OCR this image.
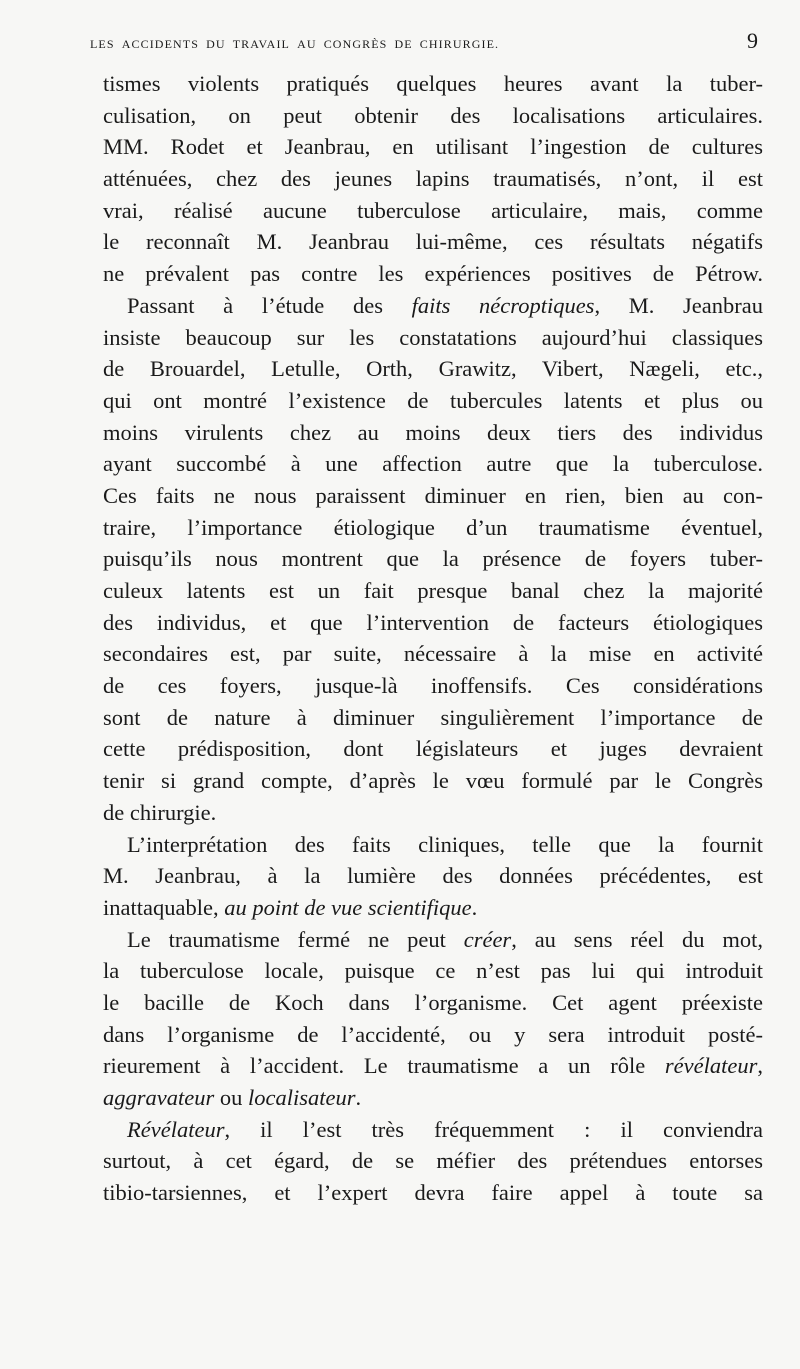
les accidents du travail au congrès de chirurgie.	9
tismes violents pratiqués quelques heures avant la tuber-
culisation, on peut obtenir des localisations articulaires.
MM. Rodet et Jeanbrau, en utilisant l’ingestion de cultures
atténuées, chez des jeunes lapins traumatisés, n’ont, il est
vrai, réalisé aucune tuberculose articulaire, mais, comme
le reconnaît M. Jeanbrau lui-même, ces résultats négatifs
ne prévalent pas contre les expériences positives de Pétrow.
Passant à l’étude des faits nécroptiques, M. Jeanbrau
insiste beaucoup sur les constatations aujourd’hui classiques
de Brouardel, Letulle, Orth, Grawitz, Vibert, Nægeli, etc.,
qui ont montré l’existence de tubercules latents et plus ou
moins virulents chez au moins deux tiers des individus
ayant succombé à une affection autre que la tuberculose.
Ces faits ne nous paraissent diminuer en rien, bien au con-
traire, l’importance étiologique d’un traumatisme éventuel,
puisqu’ils nous montrent que la présence de foyers tuber-
culeux latents est un fait presque banal chez la majorité
des individus, et que l’intervention de facteurs étiologiques
secondaires est, par suite, nécessaire à la mise en activité
de ces foyers, jusque-là inoffensifs. Ces considérations
sont de nature à diminuer singulièrement l’importance de
cette prédisposition, dont législateurs et juges devraient
tenir si grand compte, d’après le vœu formulé par le Congrès
de chirurgie.
L’interprétation des faits cliniques, telle que la fournit
M. Jeanbrau, à la lumière des données précédentes, est
inattaquable, au point de vue scientifique.
Le traumatisme fermé ne peut créer, au sens réel du mot,
la tuberculose locale, puisque ce n’est pas lui qui introduit
le bacille de Koch dans l’organisme. Cet agent préexiste
dans l’organisme de l’accidenté, ou y sera introduit posté-
rieurement à l’accident. Le traumatisme a un rôle révélateur,
aggravateur ou localisateur.
Révélateur, il l’est très fréquemment : il conviendra
surtout, à cet égard, de se méfier des prétendues entorses
tibio-tarsiennes, et l’expert devra faire appel à toute sa
